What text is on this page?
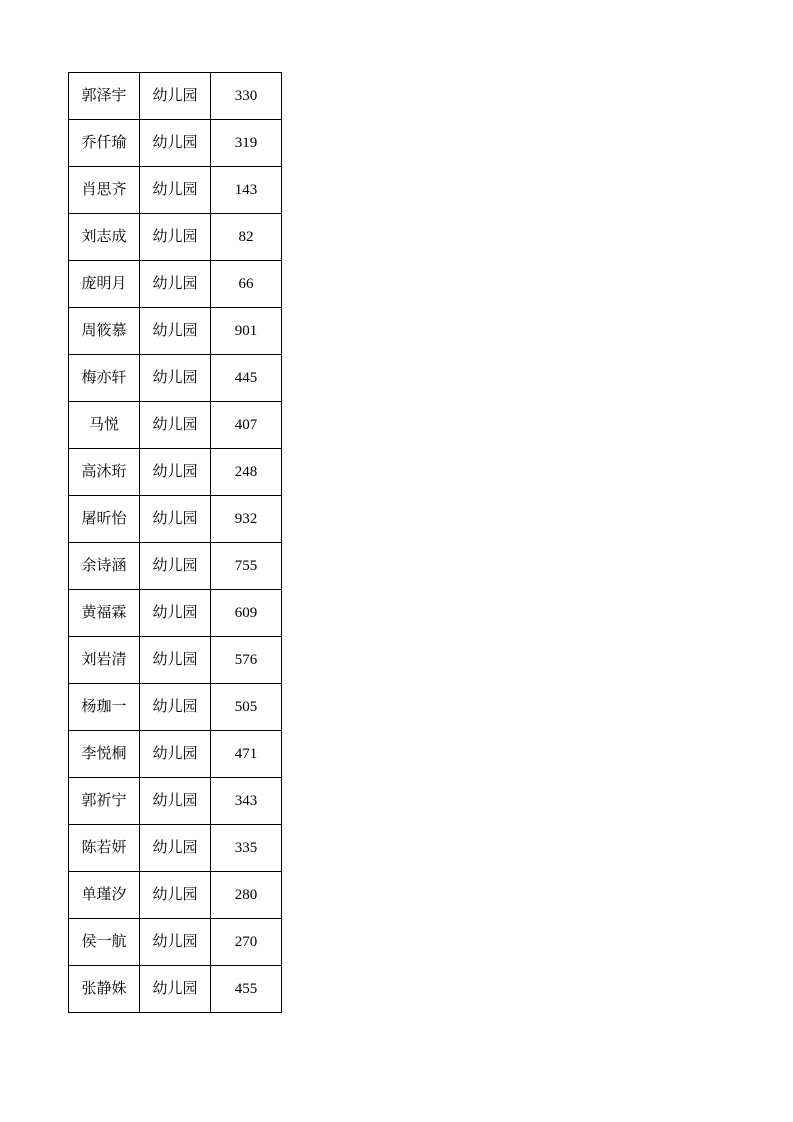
郭泽宇	幼儿园	330
乔仟瑜	幼儿园	319
肖思齐	幼儿园	143
刘志成	幼儿园	82
庞明月	幼儿园	66
周筱慕	幼儿园	901
梅亦轩	幼儿园	445
马悦	幼儿园	407
高沐珩	幼儿园	248
屠昕怡	幼儿园	932
余诗涵	幼儿园	755
黄福霖	幼儿园	609
刘岩清	幼儿园	576
杨珈一	幼儿园	505
李悦桐	幼儿园	471
郭祈宁	幼儿园	343
陈若妍	幼儿园	335
单瑾汐	幼儿园	280
侯一航	幼儿园	270
张静姝	幼儿园	455
